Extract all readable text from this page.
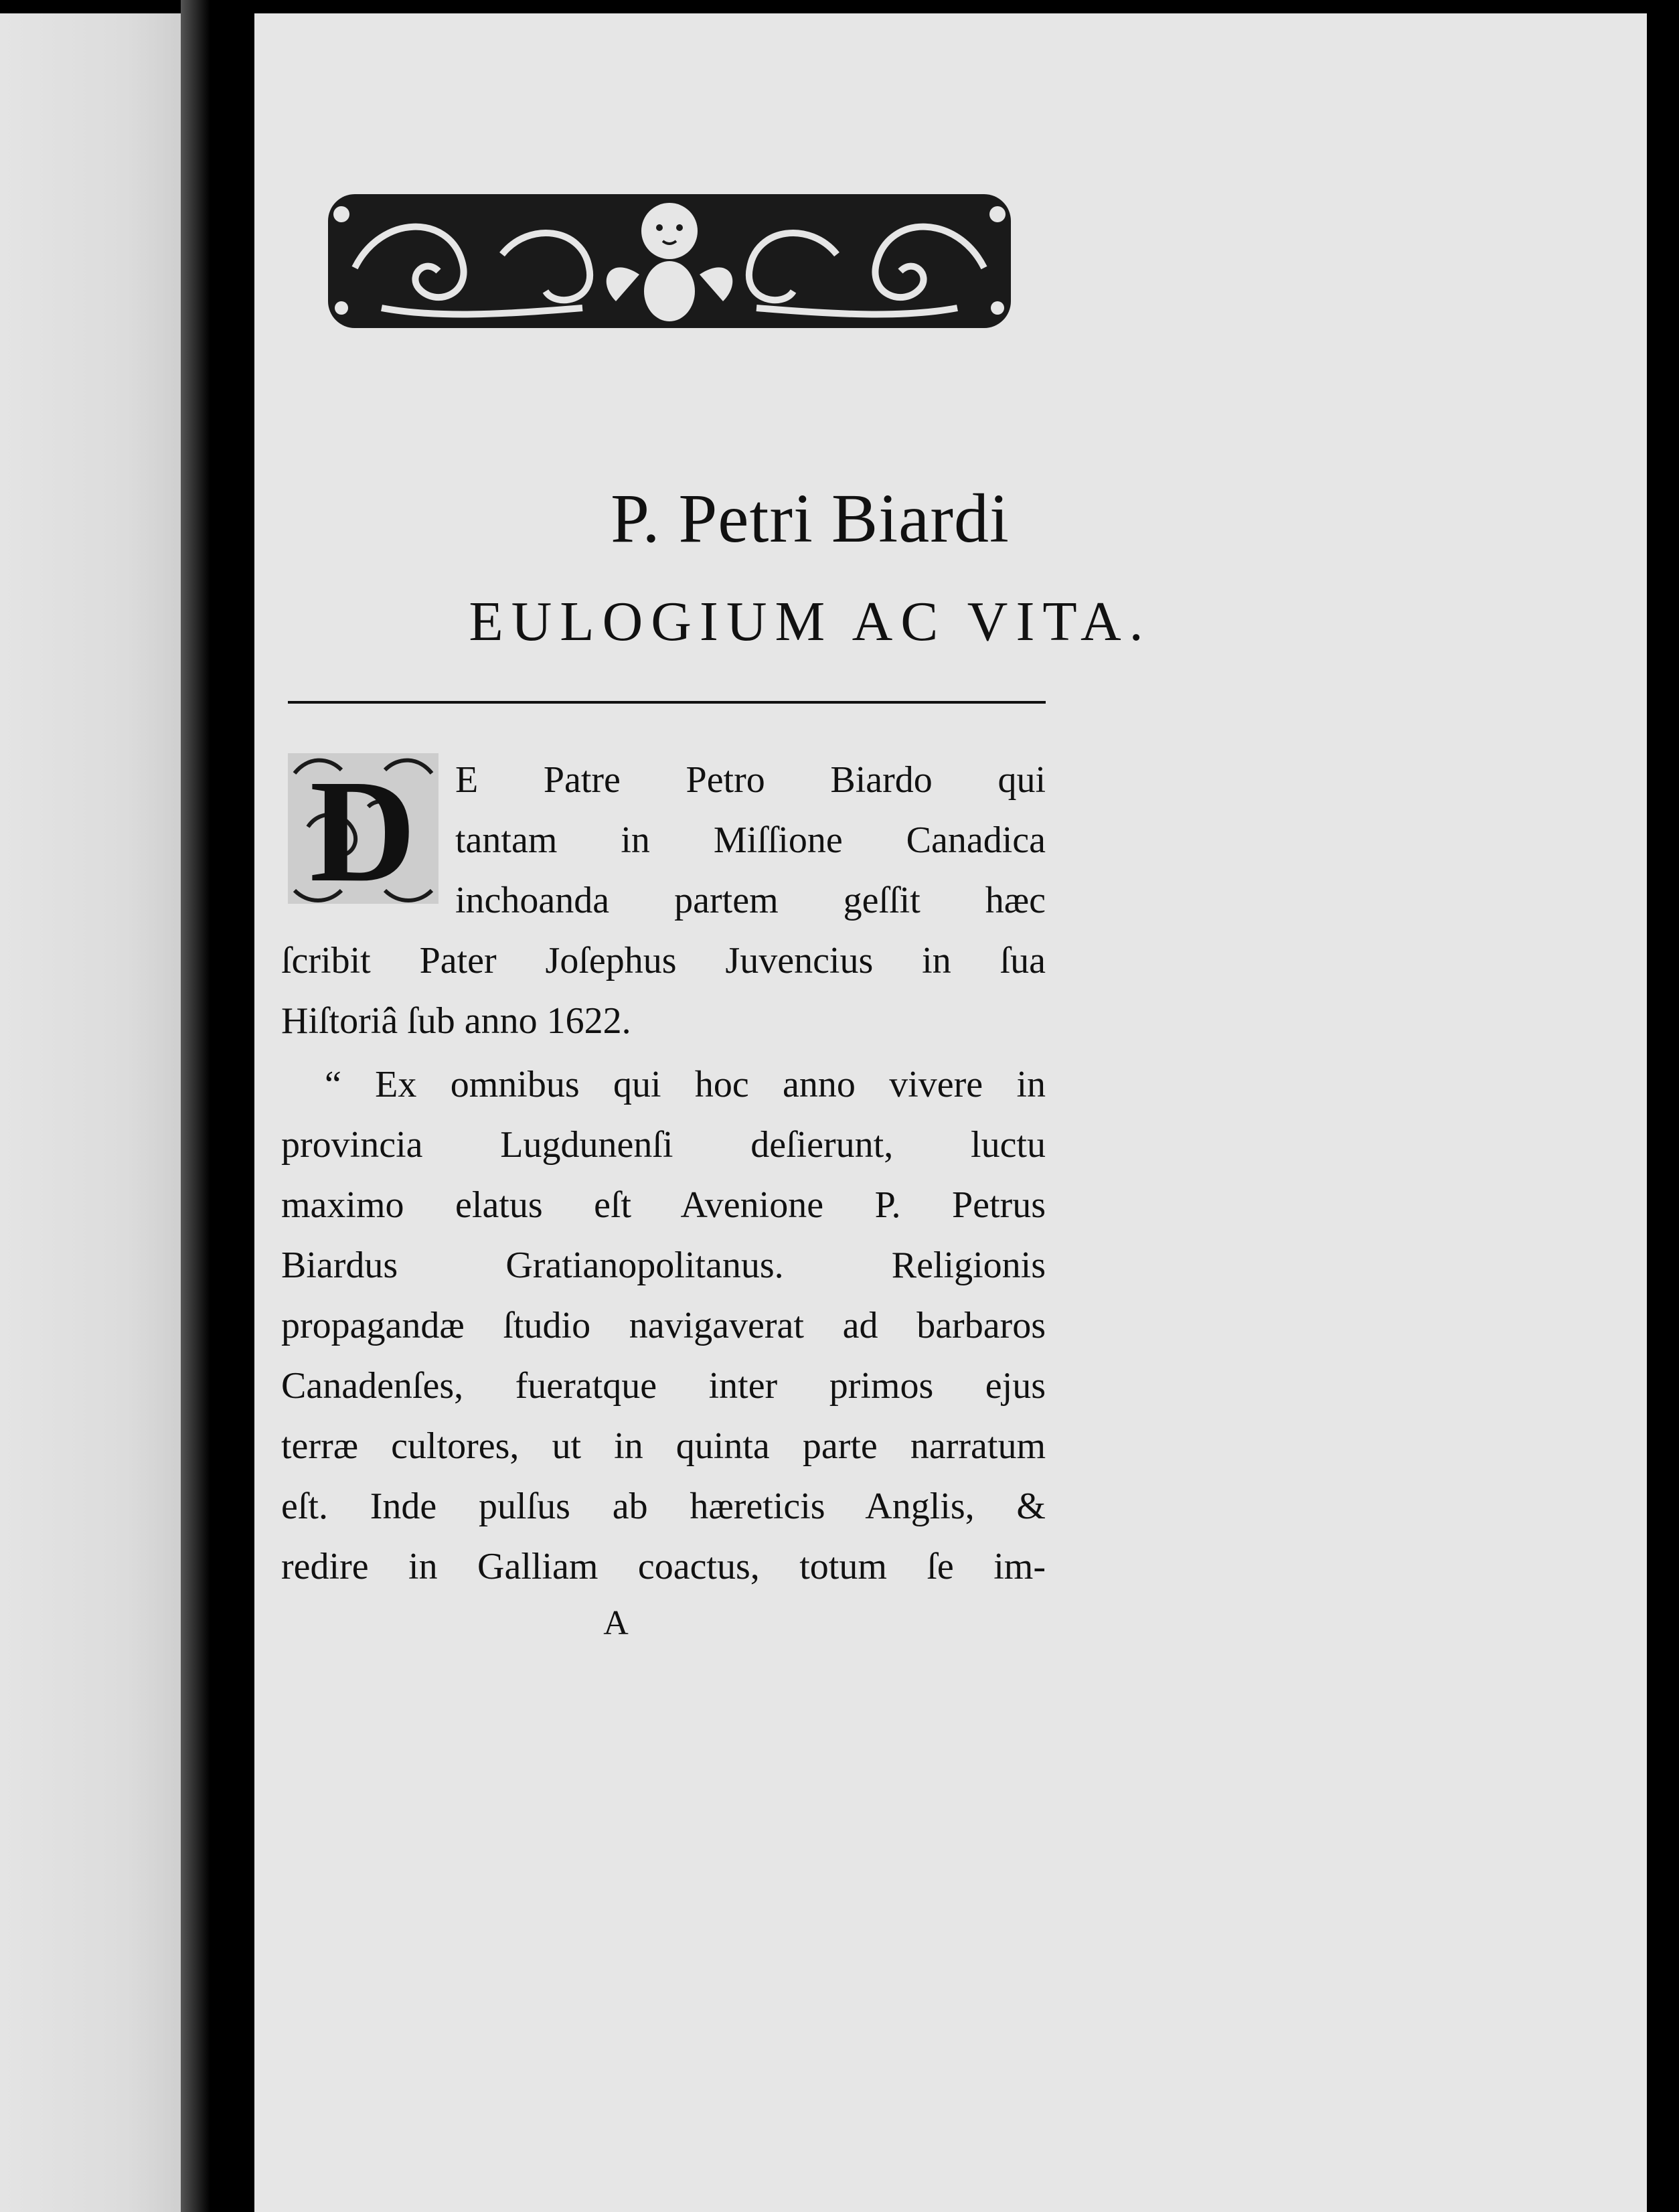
P. Petri Biardi
EULOGIUM AC VITA.
D E Patre Petro Biardo qui
tantam in Miſſione Canadica
inchoanda partem geſſit hæc
ſcribit Pater Joſephus Juvencius in ſua
Hiſtoriâ ſub anno 1622.
“ Ex omnibus qui hoc anno vivere in
provincia Lugdunenſi deſierunt, luctu
maximo elatus eſt Avenione P. Petrus
Biardus Gratianopolitanus. Religionis
propagandæ ſtudio navigaverat ad barbaros
Canadenſes, fueratque inter primos ejus
terræ cultores, ut in quinta parte narratum
eſt. Inde pulſus ab hæreticis Anglis, &
redire in Galliam coactus, totum ſe im-
A
